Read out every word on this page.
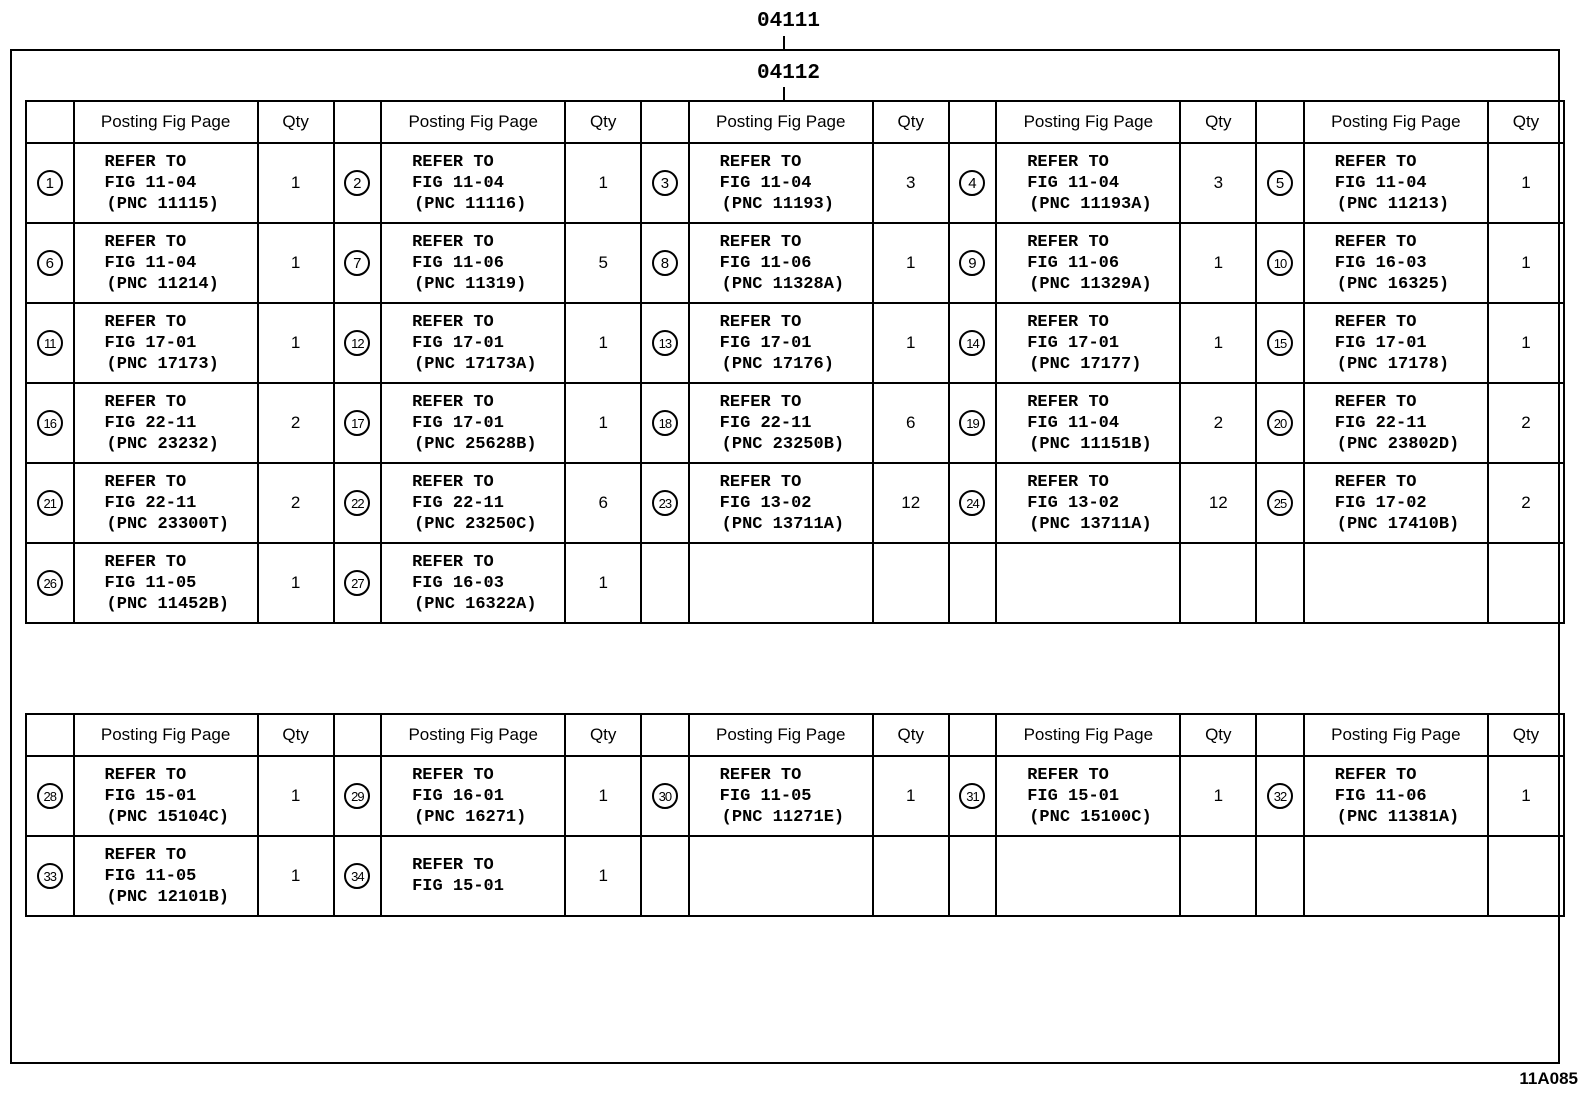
04111
04112
	Posting Fig Page	Qty		Posting Fig Page	Qty		Posting Fig Page	Qty		Posting Fig Page	Qty		Posting Fig Page	Qty
1	REFER TO
FIG 11-04
(PNC 11115)	1	2	REFER TO
FIG 11-04
(PNC 11116)	1	3	REFER TO
FIG 11-04
(PNC 11193)	3	4	REFER TO
FIG 11-04
(PNC 11193A)	3	5	REFER TO
FIG 11-04
(PNC 11213)	1
6	REFER TO
FIG 11-04
(PNC 11214)	1	7	REFER TO
FIG 11-06
(PNC 11319)	5	8	REFER TO
FIG 11-06
(PNC 11328A)	1	9	REFER TO
FIG 11-06
(PNC 11329A)	1	10	REFER TO
FIG 16-03
(PNC 16325)	1
11	REFER TO
FIG 17-01
(PNC 17173)	1	12	REFER TO
FIG 17-01
(PNC 17173A)	1	13	REFER TO
FIG 17-01
(PNC 17176)	1	14	REFER TO
FIG 17-01
(PNC 17177)	1	15	REFER TO
FIG 17-01
(PNC 17178)	1
16	REFER TO
FIG 22-11
(PNC 23232)	2	17	REFER TO
FIG 17-01
(PNC 25628B)	1	18	REFER TO
FIG 22-11
(PNC 23250B)	6	19	REFER TO
FIG 11-04
(PNC 11151B)	2	20	REFER TO
FIG 22-11
(PNC 23802D)	2
21	REFER TO
FIG 22-11
(PNC 23300T)	2	22	REFER TO
FIG 22-11
(PNC 23250C)	6	23	REFER TO
FIG 13-02
(PNC 13711A)	12	24	REFER TO
FIG 13-02
(PNC 13711A)	12	25	REFER TO
FIG 17-02
(PNC 17410B)	2
26	REFER TO
FIG 11-05
(PNC 11452B)	1	27	REFER TO
FIG 16-03
(PNC 16322A)	1									
	Posting Fig Page	Qty		Posting Fig Page	Qty		Posting Fig Page	Qty		Posting Fig Page	Qty		Posting Fig Page	Qty
28	REFER TO
FIG 15-01
(PNC 15104C)	1	29	REFER TO
FIG 16-01
(PNC 16271)	1	30	REFER TO
FIG 11-05
(PNC 11271E)	1	31	REFER TO
FIG 15-01
(PNC 15100C)	1	32	REFER TO
FIG 11-06
(PNC 11381A)	1
33	REFER TO
FIG 11-05
(PNC 12101B)	1	34	REFER TO
FIG 15-01	1									
11A085
